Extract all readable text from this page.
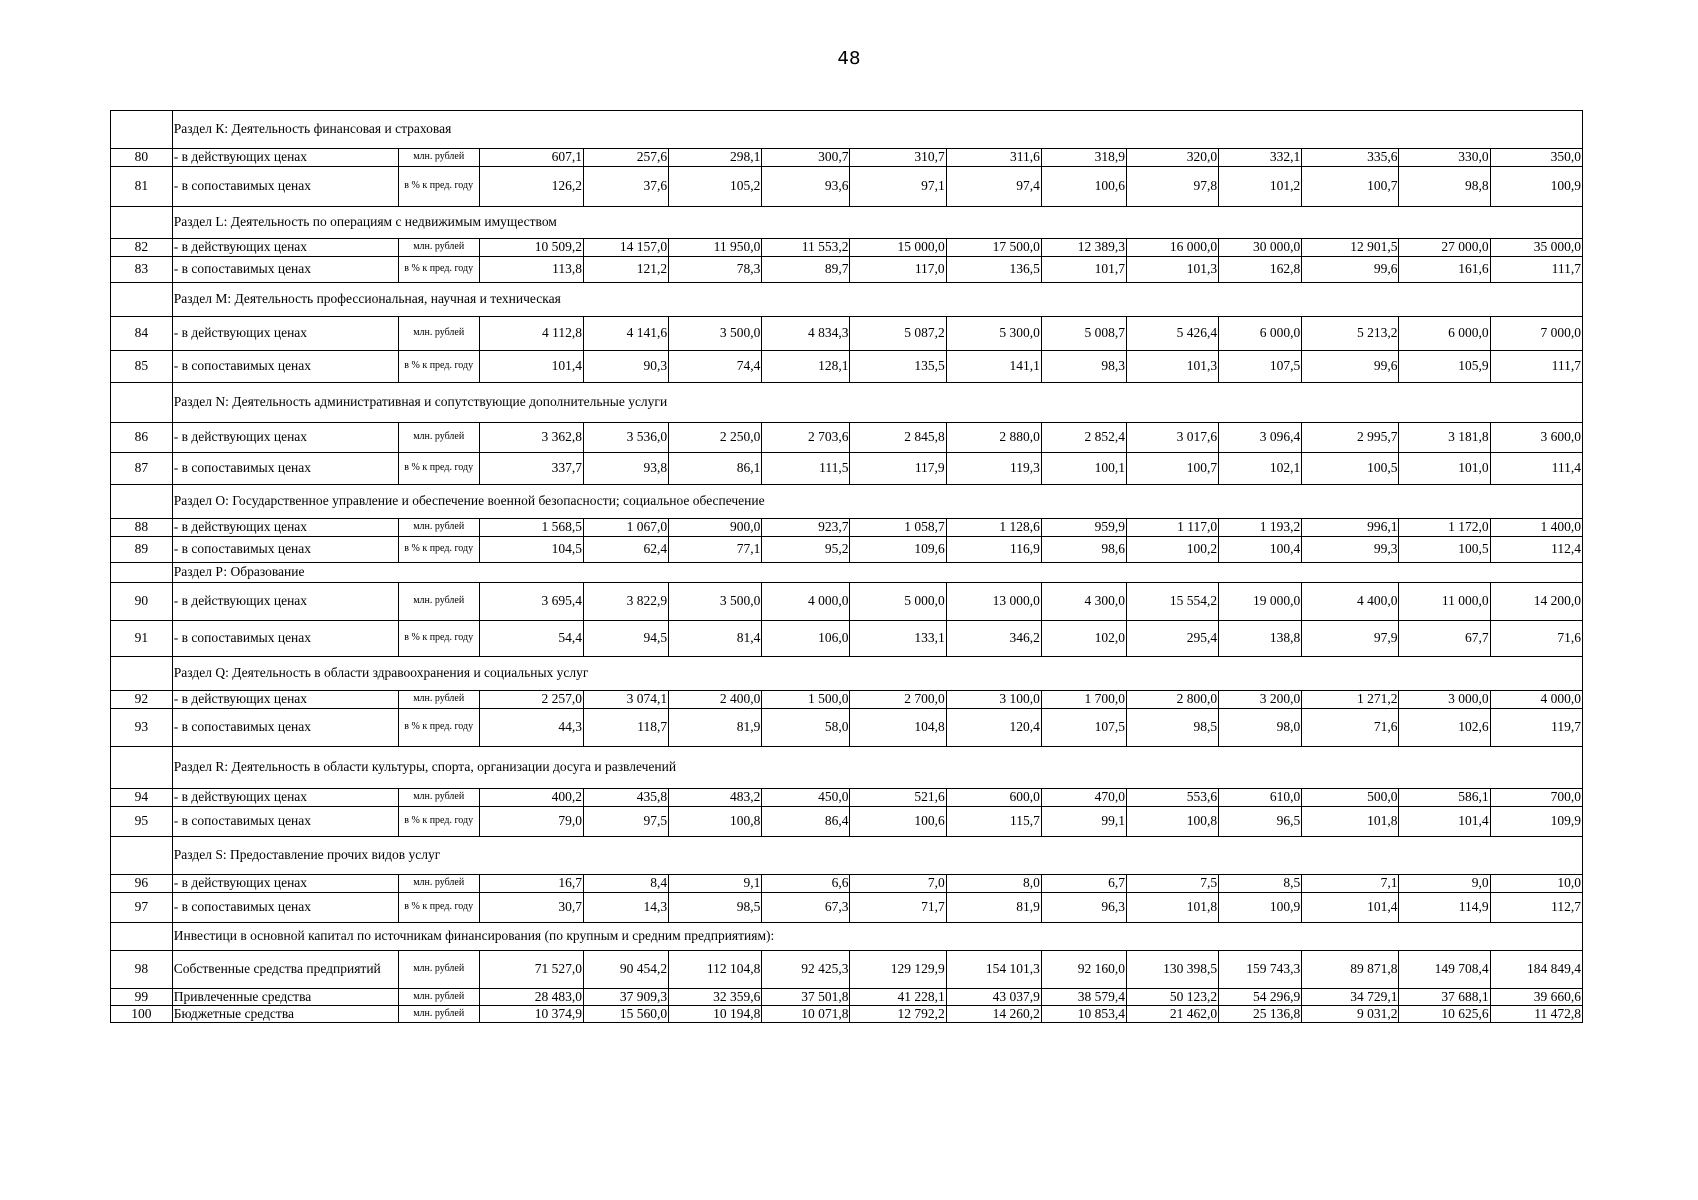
48
	Раздел К: Деятельность финансовая и страховая													
80	- в действующих ценах	млн. рублей	607,1	257,6	298,1	300,7	310,7	311,6	318,9	320,0	332,1	335,6	330,0	350,0
81	- в сопоставимых ценах	в % к пред. году	126,2	37,6	105,2	93,6	97,1	97,4	100,6	97,8	101,2	100,7	98,8	100,9
	Раздел L: Деятельность по операциям с недвижимым имуществом													
82	- в действующих ценах	млн. рублей	10 509,2	14 157,0	11 950,0	11 553,2	15 000,0	17 500,0	12 389,3	16 000,0	30 000,0	12 901,5	27 000,0	35 000,0
83	- в сопоставимых ценах	в % к пред. году	113,8	121,2	78,3	89,7	117,0	136,5	101,7	101,3	162,8	99,6	161,6	111,7
	Раздел М: Деятельность профессиональная, научная и техническая													
84	- в действующих ценах	млн. рублей	4 112,8	4 141,6	3 500,0	4 834,3	5 087,2	5 300,0	5 008,7	5 426,4	6 000,0	5 213,2	6 000,0	7 000,0
85	- в сопоставимых ценах	в % к пред. году	101,4	90,3	74,4	128,1	135,5	141,1	98,3	101,3	107,5	99,6	105,9	111,7
	Раздел N: Деятельность административная и сопутствующие дополнительные услуги													
86	- в действующих ценах	млн. рублей	3 362,8	3 536,0	2 250,0	2 703,6	2 845,8	2 880,0	2 852,4	3 017,6	3 096,4	2 995,7	3 181,8	3 600,0
87	- в сопоставимых ценах	в % к пред. году	337,7	93,8	86,1	111,5	117,9	119,3	100,1	100,7	102,1	100,5	101,0	111,4
	Раздел О: Государственное управление и обеспечение военной безопасности; социальное обеспечение													
88	- в действующих ценах	млн. рублей	1 568,5	1 067,0	900,0	923,7	1 058,7	1 128,6	959,9	1 117,0	1 193,2	996,1	1 172,0	1 400,0
89	- в сопоставимых ценах	в % к пред. году	104,5	62,4	77,1	95,2	109,6	116,9	98,6	100,2	100,4	99,3	100,5	112,4
	Раздел Р: Образование													
90	- в действующих ценах	млн. рублей	3 695,4	3 822,9	3 500,0	4 000,0	5 000,0	13 000,0	4 300,0	15 554,2	19 000,0	4 400,0	11 000,0	14 200,0
91	- в сопоставимых ценах	в % к пред. году	54,4	94,5	81,4	106,0	133,1	346,2	102,0	295,4	138,8	97,9	67,7	71,6
	Раздел Q: Деятельность в области здравоохранения и социальных услуг													
92	- в действующих ценах	млн. рублей	2 257,0	3 074,1	2 400,0	1 500,0	2 700,0	3 100,0	1 700,0	2 800,0	3 200,0	1 271,2	3 000,0	4 000,0
93	- в сопоставимых ценах	в % к пред. году	44,3	118,7	81,9	58,0	104,8	120,4	107,5	98,5	98,0	71,6	102,6	119,7
	Раздел R: Деятельность в области культуры, спорта, организации досуга и развлечений													
94	- в действующих ценах	млн. рублей	400,2	435,8	483,2	450,0	521,6	600,0	470,0	553,6	610,0	500,0	586,1	700,0
95	- в сопоставимых ценах	в % к пред. году	79,0	97,5	100,8	86,4	100,6	115,7	99,1	100,8	96,5	101,8	101,4	109,9
	Раздел S: Предоставление прочих видов услуг													
96	- в действующих ценах	млн. рублей	16,7	8,4	9,1	6,6	7,0	8,0	6,7	7,5	8,5	7,1	9,0	10,0
97	- в сопоставимых ценах	в % к пред. году	30,7	14,3	98,5	67,3	71,7	81,9	96,3	101,8	100,9	101,4	114,9	112,7
	Инвестици в основной капитал по источникам финансирования (по крупным и средним предприятиям):													
98	Собственные средства предприятий	млн. рублей	71 527,0	90 454,2	112 104,8	92 425,3	129 129,9	154 101,3	92 160,0	130 398,5	159 743,3	89 871,8	149 708,4	184 849,4
99	Привлеченные средства	млн. рублей	28 483,0	37 909,3	32 359,6	37 501,8	41 228,1	43 037,9	38 579,4	50 123,2	54 296,9	34 729,1	37 688,1	39 660,6
100	Бюджетные средства	млн. рублей	10 374,9	15 560,0	10 194,8	10 071,8	12 792,2	14 260,2	10 853,4	21 462,0	25 136,8	9 031,2	10 625,6	11 472,8
